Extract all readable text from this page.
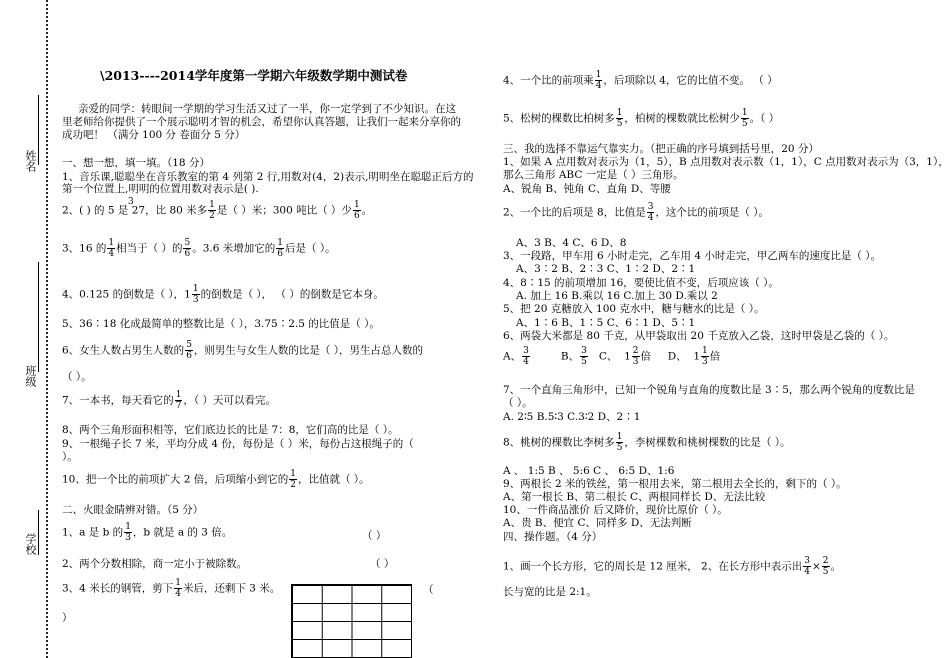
姓名
班级
学校
\2013----2014学年度第一学期六年级数学期中测试卷
亲爱的同学：转眼间一学期的学习生活又过了一半，你一定学到了不少知识。在这
里老师给你提供了一个展示聪明才智的机会，希望你认真答题，让我们一起来分享你的
成功吧！ （满分 100 分 卷面分 5 分）
一、想一想，填一填。（18 分）
1、音乐课,聪聪坐在音乐教室的第 4 列第 2 行,用数对(4，2)表示,明明坐在聪聪正后方的
第一个位置上,明明的位置用数对表示是( ).
2、( ) 的 5 是 27，比 80 米多 $\frac{1}{2}$ 是（ ）米；300 吨比（ ）少 $\frac{1}{6}$ 。
3
3、16 的 $\frac{1}{4}$ 相当于（ ）的 $\frac{5}{6}$ 。3.6 米增加它的 $\frac{1}{6}$ 后是（ ）。
4、0.125 的倒数是（ ），$1 \frac{1}{3}$ 的倒数是（ ）， （ ）的倒数是它本身。
5、36∶18 化成最简单的整数比是（ ），3.75∶2.5 的比值是（ ）。
6、女生人数占男生人数的 $\frac{5}{6}$ ，则男生与女生人数的比是（ ），男生占总人数的
（ ）。
7、一本书，每天看它的 $\frac{1}{7}$ ，（ ）天可以看完。
8、两个三角形面积相等，它们底边长的比是 7：8，它们高的比是（ ）。
9、一根绳子长 7 米，平均分成 4 份，每份是（ ）米，每份占这根绳子的（
）。
10、把一个比的前项扩大 2 倍，后项缩小到它的 $\frac{1}{2}$ ，比值就（ ）。
二、火眼金睛辨对错。（5 分）
1、a 是 b 的 $\frac{1}{3}$ ，b 就是 a 的 3 倍。	（ ）
2、两个分数相除，商一定小于被除数。	（ ）
3、4 米长的钢管，剪下 $\frac{1}{4}$ 米后，还剩下 3 米。	（
）
4、一个比的前项乘 $\frac{1}{4}$ ，后项除以 4，它的比值不变。 （ ）
5、松树的棵数比柏树多 $\frac{1}{5}$ ，柏树的棵数就比松树少 $\frac{1}{5}$ 。（ ）
三、我的选择不靠运气靠实力。（把正确的序号填到括号里，20 分）
1、如果 A 点用数对表示为（1，5），B 点用数对表示数（1，1），C 点用数对表示为（3，1），
那么三角形 ABC 一定是（ ）三角形。
A、锐角 B、钝角 C、直角 D、等腰
2、一个比的后项是 8，比值是 $\frac{3}{4}$ ，这个比的前项是（ ）。
A、3 B、4 C、6 D、8
3、一段路，甲车用 6 小时走完，乙车用 4 小时走完，甲乙两车的速度比是（ ）。
A、3∶2 B、2∶3 C、1∶2 D、2∶1
4、8∶15 的前项增加 16，要使比值不变，后项应该（ ）。
A. 加上 16 B.乘以 16 C.加上 30 D.乘以 2
5、把 20 克糖放入 100 克水中，糖与糖水的比是（ ）。
A、1∶6 B、1∶5 C、6∶1 D、5∶1
6、两袋大米都是 80 千克，从甲袋取出 20 千克放入乙袋，这时甲袋是乙袋的（ ）。
A、 $\frac{3}{4}$	B、 $\frac{3}{5}$ C、 $1 \frac{2}{3}$ 倍 D、 $1 \frac{1}{3}$ 倍
7、一个直角三角形中，已知一个锐角与直角的度数比是 3∶5，那么两个锐角的度数比是
（ ）。
A. 2∶5 B.5∶3 C.3∶2 D、2∶1
8、桃树的棵数比李树多 $\frac{1}{5}$ ，李树棵数和桃树棵数的比是（ ）。
A 、 1:5 B 、 5:6 C 、 6:5 D、1:6
9、两根长 2 米的铁丝，第一根用去米，第二根用去全长的，剩下的（ ）。
A、第一根长 B、第二根长 C、两根同样长 D、无法比较
10、一件商品涨价 后又降价，现价比原价（ ）。
A、贵 B、便宜 C、同样多 D、无法判断
四、操作题。（4 分）
1、画一个长方形，它的周长是 12 厘米， 2、在长方形中表示出 $\frac{3}{4} \times \frac{2}{5}$ 。
长与宽的比是 2:1。
